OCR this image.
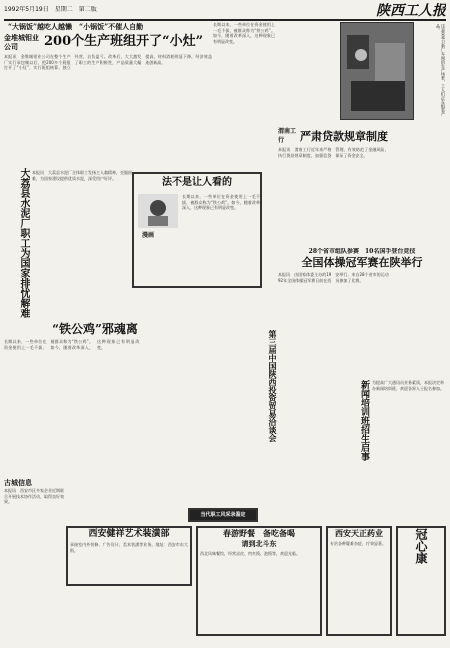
1992年5月19日　星期二　第二版	陕西工人报
“大锅饭”越吃人越懒　“小锅饭”不催人自勤
金堆城钼业公司	200个生产班组开了“小灶”
本报讯　金堆城钼业公司在整个生产厂实行承包制以后，把200多个班组打开了“小灶”，实行班组核算、独立经营，自负盈亏。改革后，大大激发了职工的生产积极性，产品质量大幅提高，材料消耗明显下降，经济效益连创新高。
长期以来，一些单位在资金使用上一毛不拔，被群众称为“铁公鸡”。如今，随着改革深入，这种现象已有明显改变。	这是荣华卫新厂车间的生产场景，工人们正在组装产品。
大荔县水泥厂职工为国家排忧解难 本报讯　大荔县水泥厂全体职工发扬主人翁精神，克服困难，为国家建设提供优质水泥，深受用户好评。	法不是让人看的
漫画
长期以来，一些单位在资金使用上一毛不拔，被群众称为“铁公鸡”。如今，随着改革深入，这种现象已有明显改变。
渭南工行	严肃贷款规章制度
本报讯　渭南工行近年来严格执行贷款规章制度，加强信贷管理，有效防范了金融风险，保证了资金安全。
28个省市组队参赛　10名国手登台竞技
全国体操冠军赛在陕举行
本报讯　由国家体委主办的1992年全国体操冠军赛日前在西安举行，来自28个省市的运动员参加了比赛。
“铁公鸡”邪魂离
长期以来，一些单位在资金使用上一毛不拔，被群众称为“铁公鸡”。如今，随着改革深入，这种现象已有明显改变。	第三届中国陕西投资贸易洽谈会	新闻培训班招生启事 为提高广大通讯员业务素质，本报决定举办新闻培训班，欢迎各界人士报名参加。
古城信息
本报讯　西安市区多家企业近期联合开展技术协作活动，取得良好效果。
当代职工风采录鉴定
西安健祥艺术装潢部
承接室内外装修、广告设计、美术装潢等业务。地址：西安市东大街。
春游野餐　备吃备喝
请到北斗东
西北风味餐馆，经营凉皮、肉夹馍、泡馍等，欢迎光临。
西安天正药业
专治各种疑难杂症，疗效显著。	冠心康
